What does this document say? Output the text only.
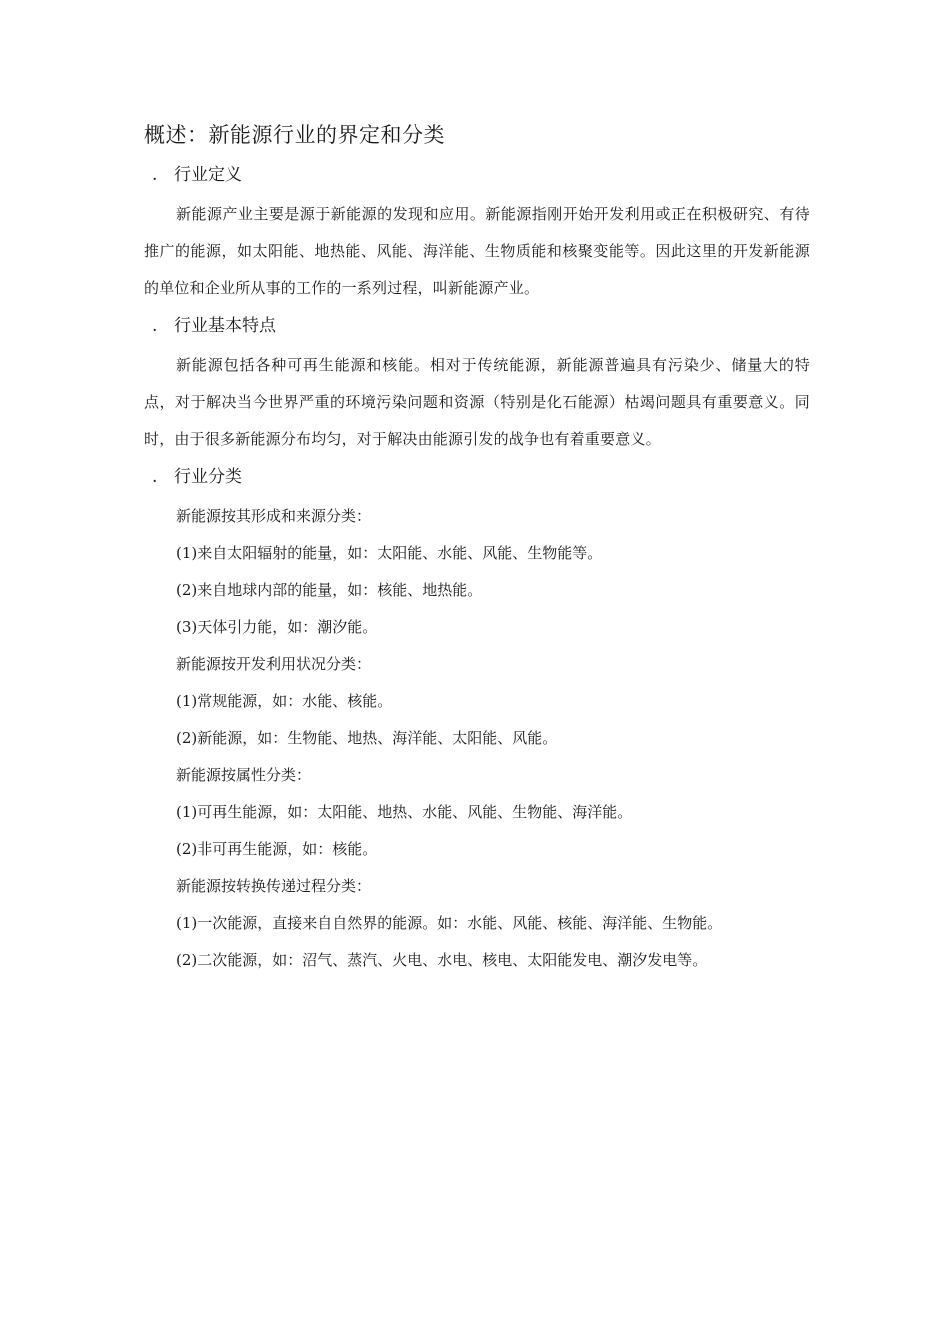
概述：新能源行业的界定和分类
. 行业定义

新能源产业主要是源于新能源的发现和应用。新能源指刚开始开发利用或正在积极研究、有待推广的能源，如太阳能、地热能、风能、海洋能、生物质能和核聚变能等。因此这里的开发新能源的单位和企业所从事的工作的一系列过程，叫新能源产业。

. 行业基本特点

新能源包括各种可再生能源和核能。相对于传统能源，新能源普遍具有污染少、储量大的特点，对于解决当今世界严重的环境污染问题和资源（特别是化石能源）枯竭问题具有重要意义。同时，由于很多新能源分布均匀，对于解决由能源引发的战争也有着重要意义。

. 行业分类

新能源按其形成和来源分类：

(1)来自太阳辐射的能量，如：太阳能、水能、风能、生物能等。

(2)来自地球内部的能量，如：核能、地热能。

(3)天体引力能，如：潮汐能。

新能源按开发利用状况分类：

(1)常规能源，如：水能、核能。

(2)新能源，如：生物能、地热、海洋能、太阳能、风能。

新能源按属性分类：

(1)可再生能源，如：太阳能、地热、水能、风能、生物能、海洋能。

(2)非可再生能源，如：核能。

新能源按转换传递过程分类：

(1)一次能源，直接来自自然界的能源。如：水能、风能、核能、海洋能、生物能。

(2)二次能源，如：沼气、蒸汽、火电、水电、核电、太阳能发电、潮汐发电等。
